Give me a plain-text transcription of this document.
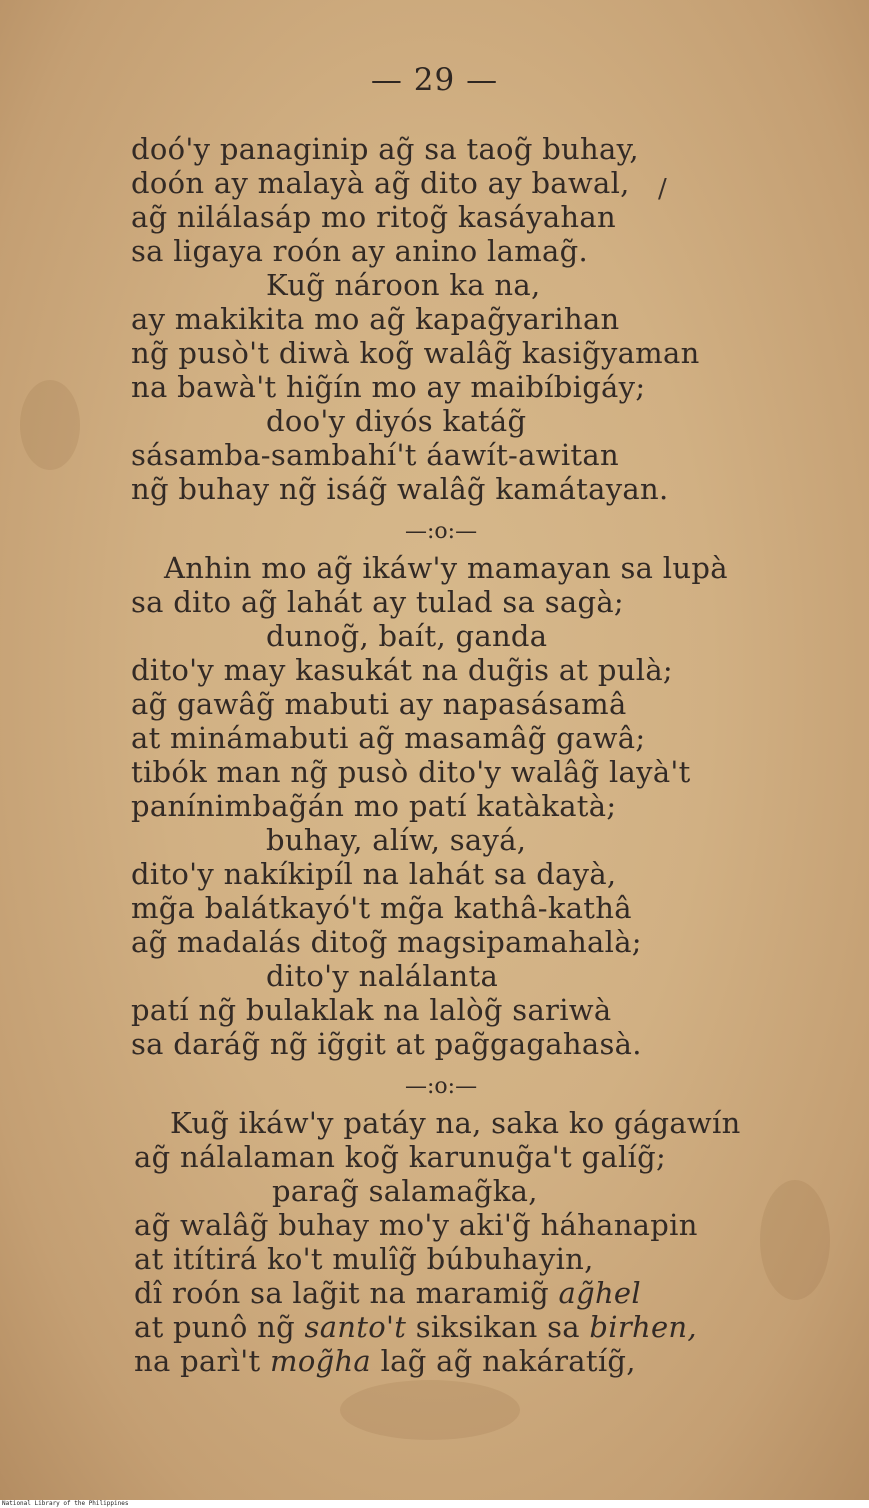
— 29 —
doó'y panaginip ag̃ sa taog̃ buhay,
doón ay malayà ag̃ dito ay bawal,
ag̃ nilálasáp mo ritog̃ kasáyahan
sa ligaya roón ay anino lamag̃.
Kug̃ nároon ka na,
ay makikita mo ag̃ kapag̃yarihan
ng̃ pusò't diwà kog̃ walâg̃ kasig̃yaman
na bawà't hig̃ín mo ay maibíbigáy;
doo'y diyós katág̃
sásamba-sambahí't áawít-awitan
ng̃ buhay ng̃ iság̃ walâg̃ kamátayan.
—:o:—
Anhin mo ag̃ ikáw'y mamayan sa lupà
sa dito ag̃ lahát ay tulad sa sagà;
dunog̃, baít, ganda
dito'y may kasukát na dug̃is at pulà;
ag̃ gawâg̃ mabuti ay napasásamâ
at minámabuti ag̃ masamâg̃ gawâ;
tibók man ng̃ pusò dito'y walâg̃ layà't
panínimbag̃án mo patí katàkatà;
buhay, alíw, sayá,
dito'y nakíkipíl na lahát sa dayà,
mg̃a balátkayó't mg̃a kathâ-kathâ
ag̃ madalás ditog̃ magsipamahalà;
dito'y nalálanta
patí ng̃ bulaklak na lalòg̃ sariwà
sa darág̃ ng̃ ig̃git at pag̃gagahasà.
—:o:—
Kug̃ ikáw'y patáy na, saka ko gágawín
ag̃ nálalaman kog̃ karunug̃a't galíg̃;
parag̃ salamag̃ka,
ag̃ walâg̃ buhay mo'y aki'g̃ háhanapin
at itítirá ko't mulîg̃ búbuhayin,
dî roón sa lag̃it na maramig̃ ag̃hel
at punô ng̃ santo't siksikan sa birhen,
na parì't mog̃ha lag̃ ag̃ nakáratíg̃,
/
National Library of the Philippines
